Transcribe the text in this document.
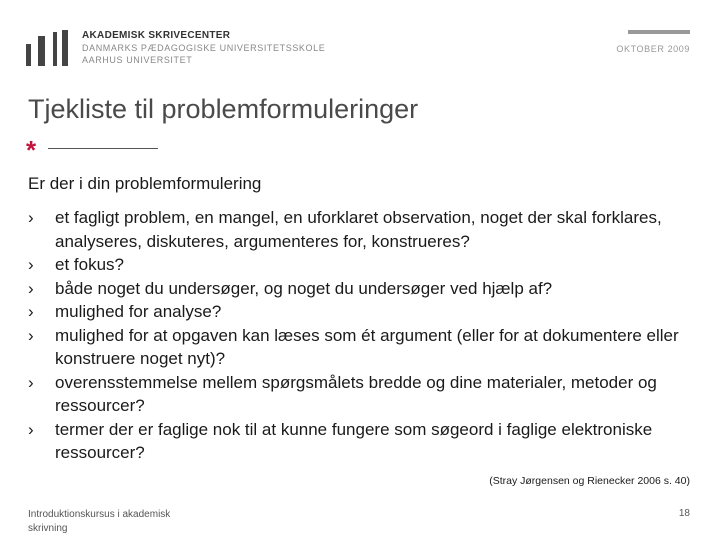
AKADEMISK SKRIVECENTER
DANMARKS PÆDAGOGISKE UNIVERSITETSSKOLE
AARHUS UNIVERSITET
OKTOBER 2009
Tjekliste til problemformuleringer
*
Er der i din problemformulering
› et fagligt problem, en mangel, en uforklaret observation, noget der skal forklares, analyseres, diskuteres, argumenteres for, konstrueres?
› et fokus?
› både noget du undersøger, og noget du undersøger ved hjælp af?
› mulighed for analyse?
› mulighed for at opgaven kan læses som ét argument (eller for at dokumentere eller konstruere noget nyt)?
› overensstemmelse mellem spørgsmålets bredde og dine materialer, metoder og ressourcer?
› termer der er faglige nok til at kunne fungere som søgeord i faglige elektroniske ressourcer?
(Stray Jørgensen og Rienecker 2006 s. 40)
Introduktionskursus i akademisk skrivning
18
